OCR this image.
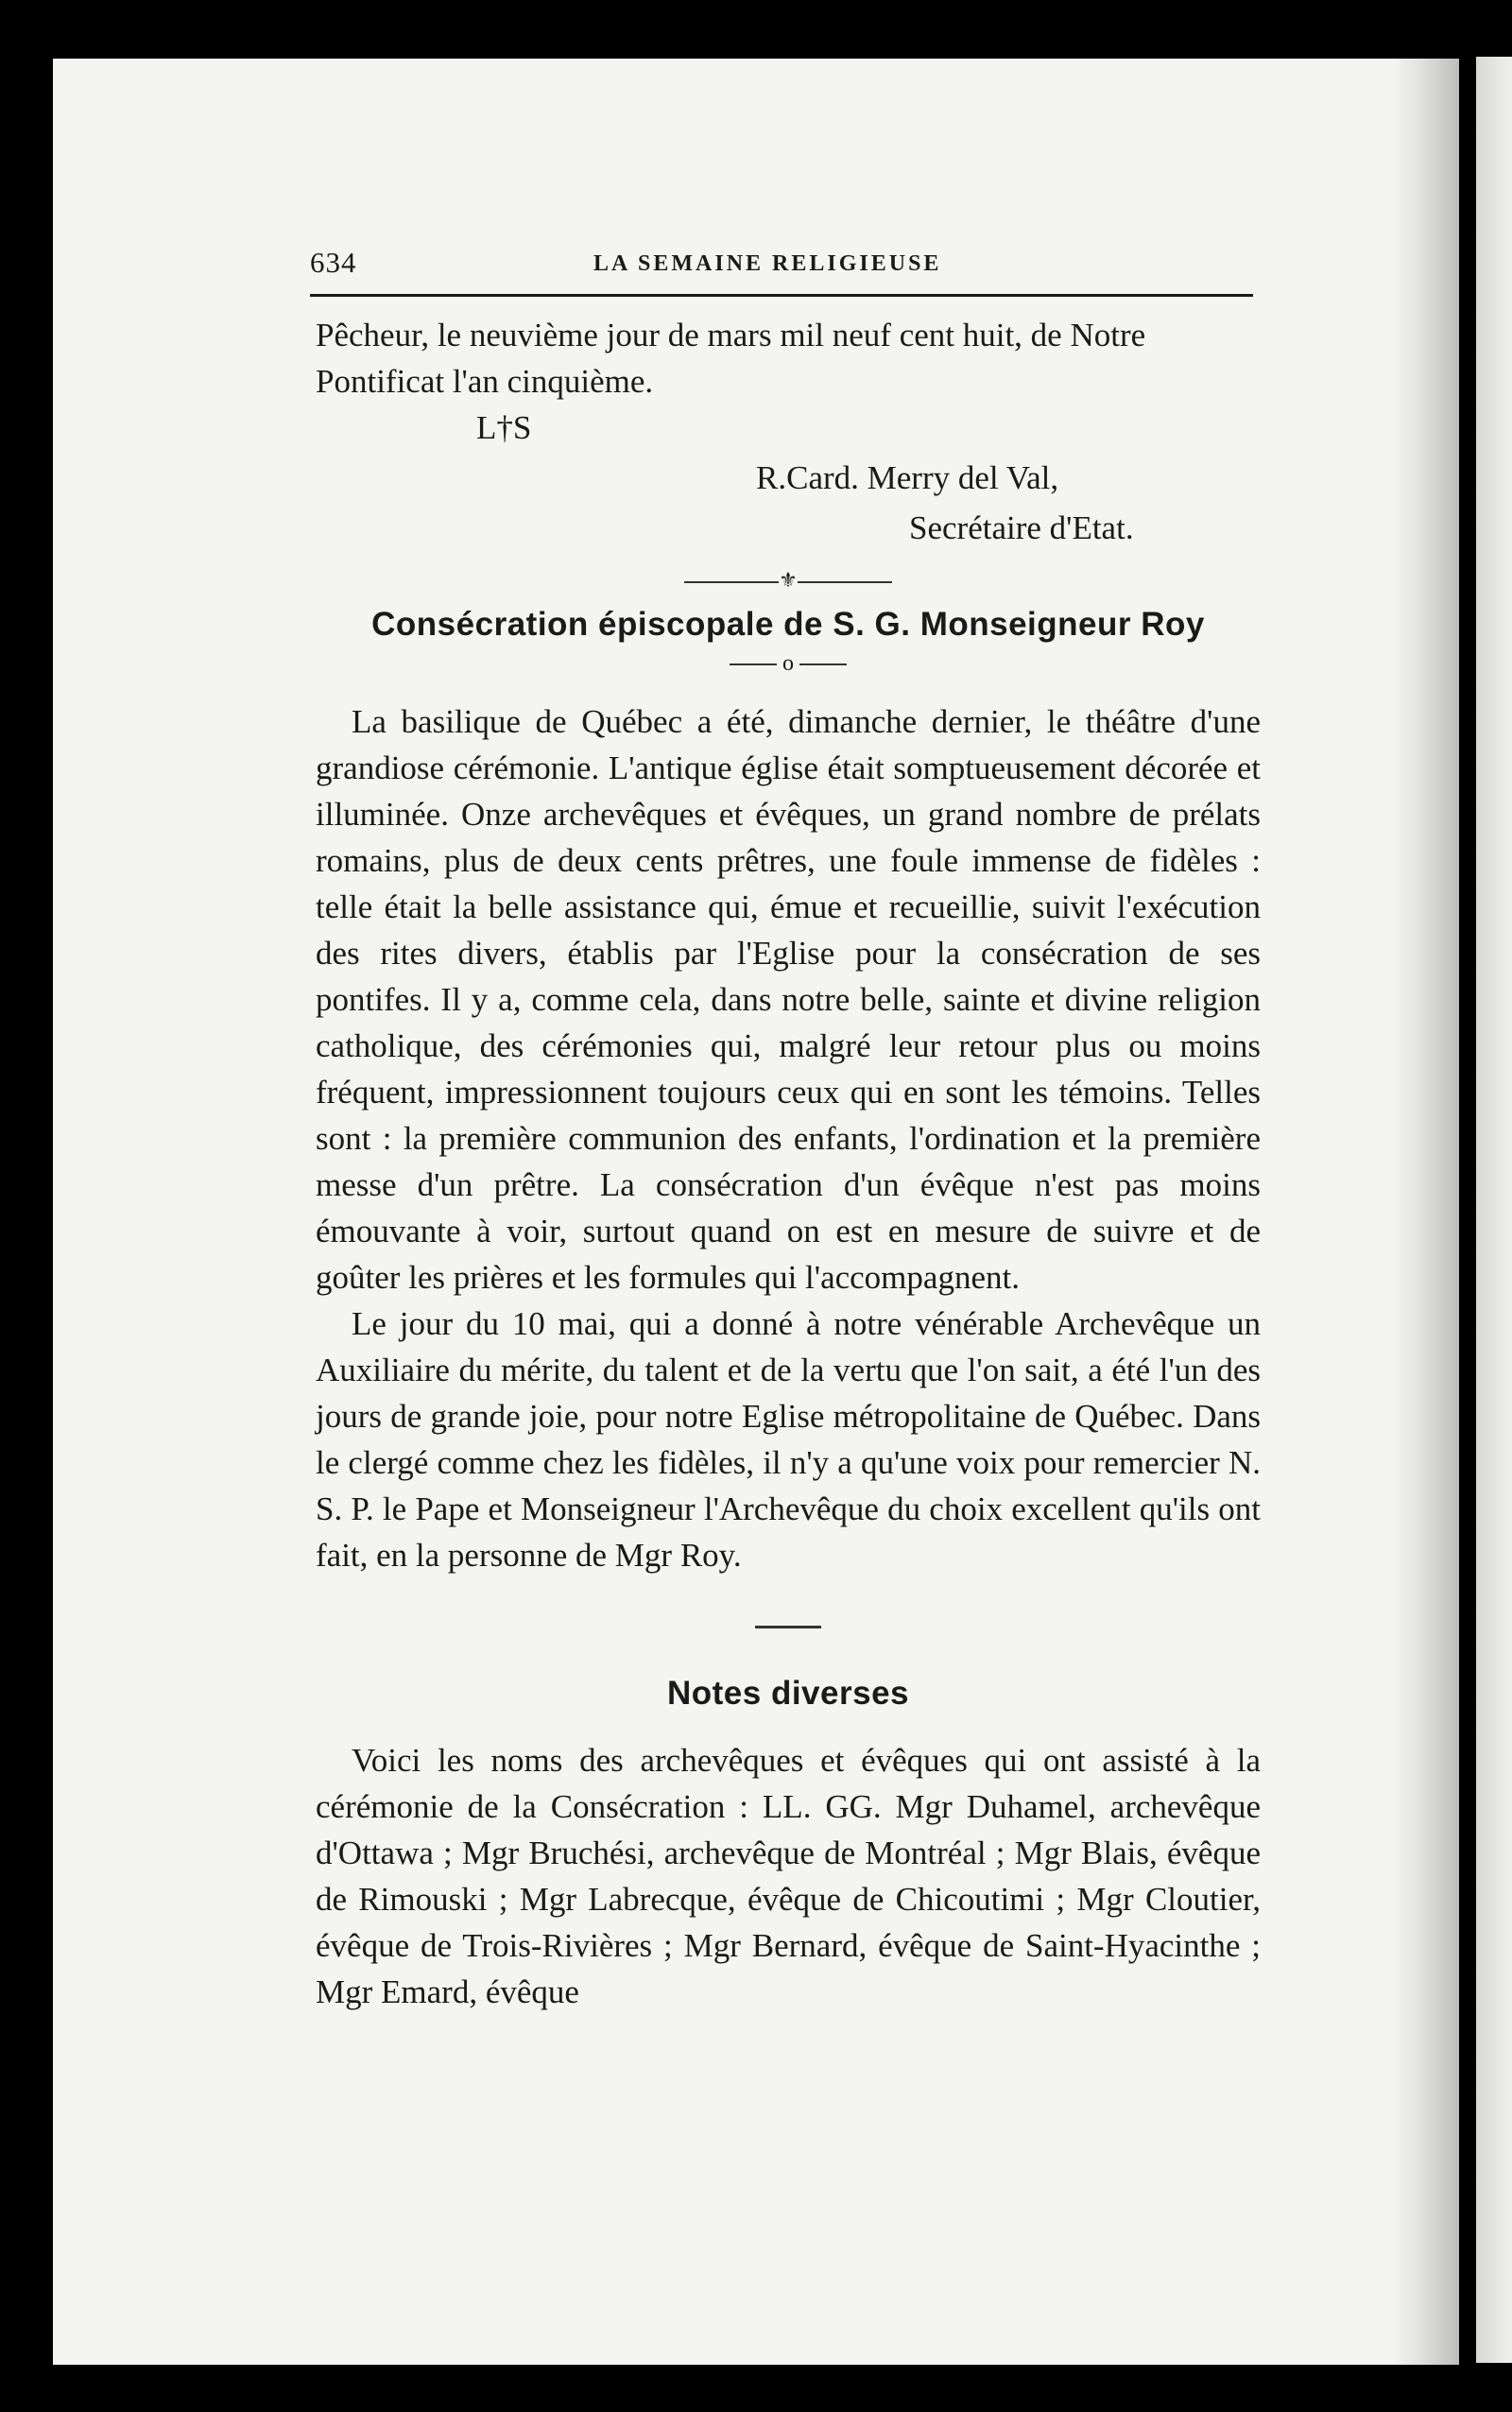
634	LA SEMAINE RELIGIEUSE

Pêcheur, le neuvième jour de mars mil neuf cent huit, de Notre Pontificat l'an cinquième.

L†S
R.Card. Merry del Val,
Secrétaire d'Etat.
⚜
Consécration épiscopale de S. G. Monseigneur Roy
o

La basilique de Québec a été, dimanche dernier, le théâtre d'une grandiose cérémonie. L'antique église était somptueusement décorée et illuminée. Onze archevêques et évêques, un grand nombre de prélats romains, plus de deux cents prêtres, une foule immense de fidèles : telle était la belle assistance qui, émue et recueillie, suivit l'exécution des rites divers, établis par l'Eglise pour la consécration de ses pontifes. Il y a, comme cela, dans notre belle, sainte et divine religion catholique, des cérémonies qui, malgré leur retour plus ou moins fréquent, impressionnent toujours ceux qui en sont les témoins. Telles sont : la première communion des enfants, l'ordination et la première messe d'un prêtre. La consécration d'un évêque n'est pas moins émouvante à voir, surtout quand on est en mesure de suivre et de goûter les prières et les formules qui l'accompagnent.

Le jour du 10 mai, qui a donné à notre vénérable Archevêque un Auxiliaire du mérite, du talent et de la vertu que l'on sait, a été l'un des jours de grande joie, pour notre Eglise métropolitaine de Québec. Dans le clergé comme chez les fidèles, il n'y a qu'une voix pour remercier N. S. P. le Pape et Monseigneur l'Archevêque du choix excellent qu'ils ont fait, en la personne de Mgr Roy.

Notes diverses

Voici les noms des archevêques et évêques qui ont assisté à la cérémonie de la Consécration : LL. GG. Mgr Duhamel, archevêque d'Ottawa ; Mgr Bruchési, archevêque de Montréal ; Mgr Blais, évêque de Rimouski ; Mgr Labrecque, évêque de Chicoutimi ; Mgr Cloutier, évêque de Trois-Rivières ; Mgr Bernard, évêque de Saint-Hyacinthe ; Mgr Emard, évêque
